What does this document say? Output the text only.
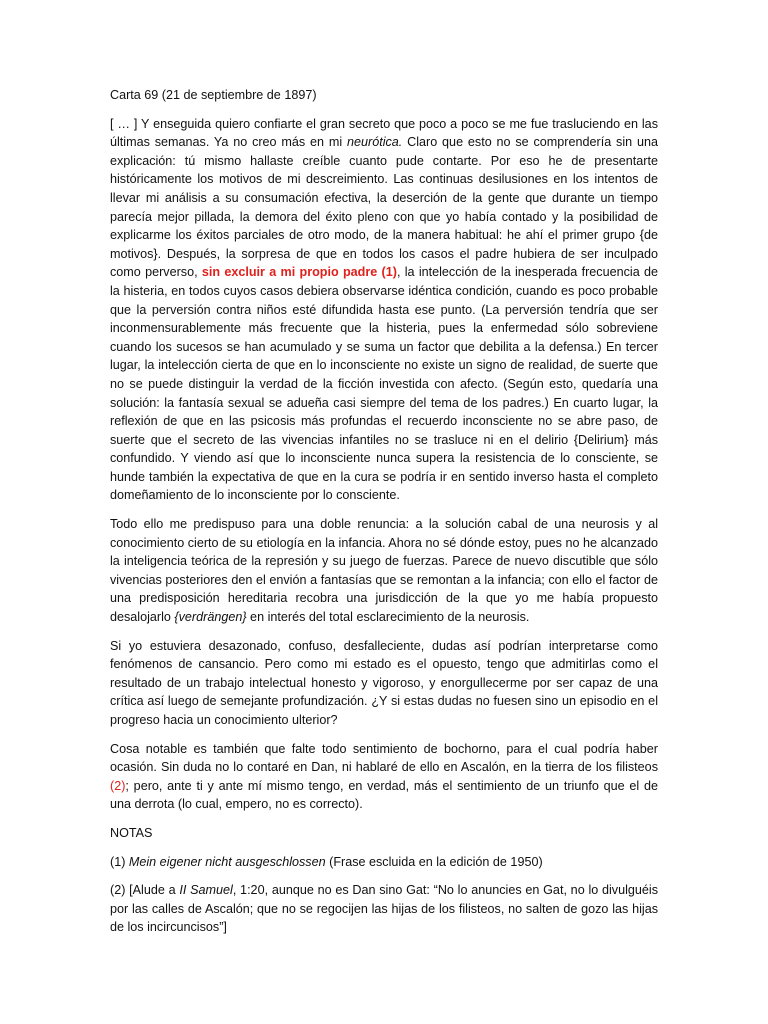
Carta 69 (21 de septiembre de 1897)

[ … ] Y enseguida quiero confiarte el gran secreto que poco a poco se me fue trasluciendo en las últimas semanas. Ya no creo más en mi neurótica. Claro que esto no se comprendería sin una explicación: tú mismo hallaste creíble cuanto pude contarte. Por eso he de presentarte históricamente los motivos de mi descreimiento. Las continuas desilusiones en los intentos de llevar mi análisis a su consumación efectiva, la deserción de la gente que durante un tiempo parecía mejor pillada, la demora del éxito pleno con que yo había contado y la posibilidad de explicarme los éxitos parciales de otro modo, de la manera habitual: he ahí el primer grupo {de motivos}. Después, la sorpresa de que en todos los casos el padre hubiera de ser inculpado como perverso, sin excluir a mi propio padre (1), la intelección de la inesperada frecuencia de la histeria, en todos cuyos casos debiera observarse idéntica condición, cuando es poco probable que la perversión contra niños esté difundida hasta ese punto. (La perversión tendría que ser inconmensurablemente más frecuente que la histeria, pues la enfermedad sólo sobreviene cuando los sucesos se han acumulado y se suma un factor que debilita a la defensa.) En tercer lugar, la intelección cierta de que en lo inconsciente no existe un signo de realidad, de suerte que no se puede distinguir la verdad de la ficción investida con afecto. (Según esto, quedaría una solución: la fantasía sexual se adueña casi siempre del tema de los padres.) En cuarto lugar, la reflexión de que en las psicosis más profundas el recuerdo inconsciente no se abre paso, de suerte que el secreto de las vivencias infantiles no se trasluce ni en el delirio {Delirium} más confundido. Y viendo así que lo inconsciente nunca supera la resistencia de lo consciente, se hunde también la expectativa de que en la cura se podría ir en sentido inverso hasta el completo domeñamiento de lo inconsciente por lo consciente.

Todo ello me predispuso para una doble renuncia: a la solución cabal de una neurosis y al conocimiento cierto de su etiología en la infancia. Ahora no sé dónde estoy, pues no he alcanzado la inteligencia teórica de la represión y su juego de fuerzas. Parece de nuevo discutible que sólo vivencias posteriores den el envión a fantasías que se remontan a la infancia; con ello el factor de una predisposición hereditaria recobra una jurisdicción de la que yo me había propuesto desalojarlo {verdrängen} en interés del total esclarecimiento de la neurosis.

Si yo estuviera desazonado, confuso, desfalleciente, dudas así podrían interpretarse como fenómenos de cansancio. Pero como mi estado es el opuesto, tengo que admitirlas como el resultado de un trabajo intelectual honesto y vigoroso, y enorgullecerme por ser capaz de una crítica así luego de semejante profundización. ¿Y si estas dudas no fuesen sino un episodio en el progreso hacia un conocimiento ulterior?

Cosa notable es también que falte todo sentimiento de bochorno, para el cual podría haber ocasión. Sin duda no lo contaré en Dan, ni hablaré de ello en Ascalón, en la tierra de los filisteos (2); pero, ante ti y ante mí mismo tengo, en verdad, más el sentimiento de un triunfo que el de una derrota (lo cual, empero, no es correcto).

NOTAS

(1) Mein eigener nicht ausgeschlossen (Frase escluida en la edición de 1950)

(2) [Alude a II Samuel, 1:20, aunque no es Dan sino Gat: “No lo anuncies en Gat, no lo divulguéis por las calles de Ascalón; que no se regocijen las hijas de los filisteos, no salten de gozo las hijas de los incircuncisos”]
